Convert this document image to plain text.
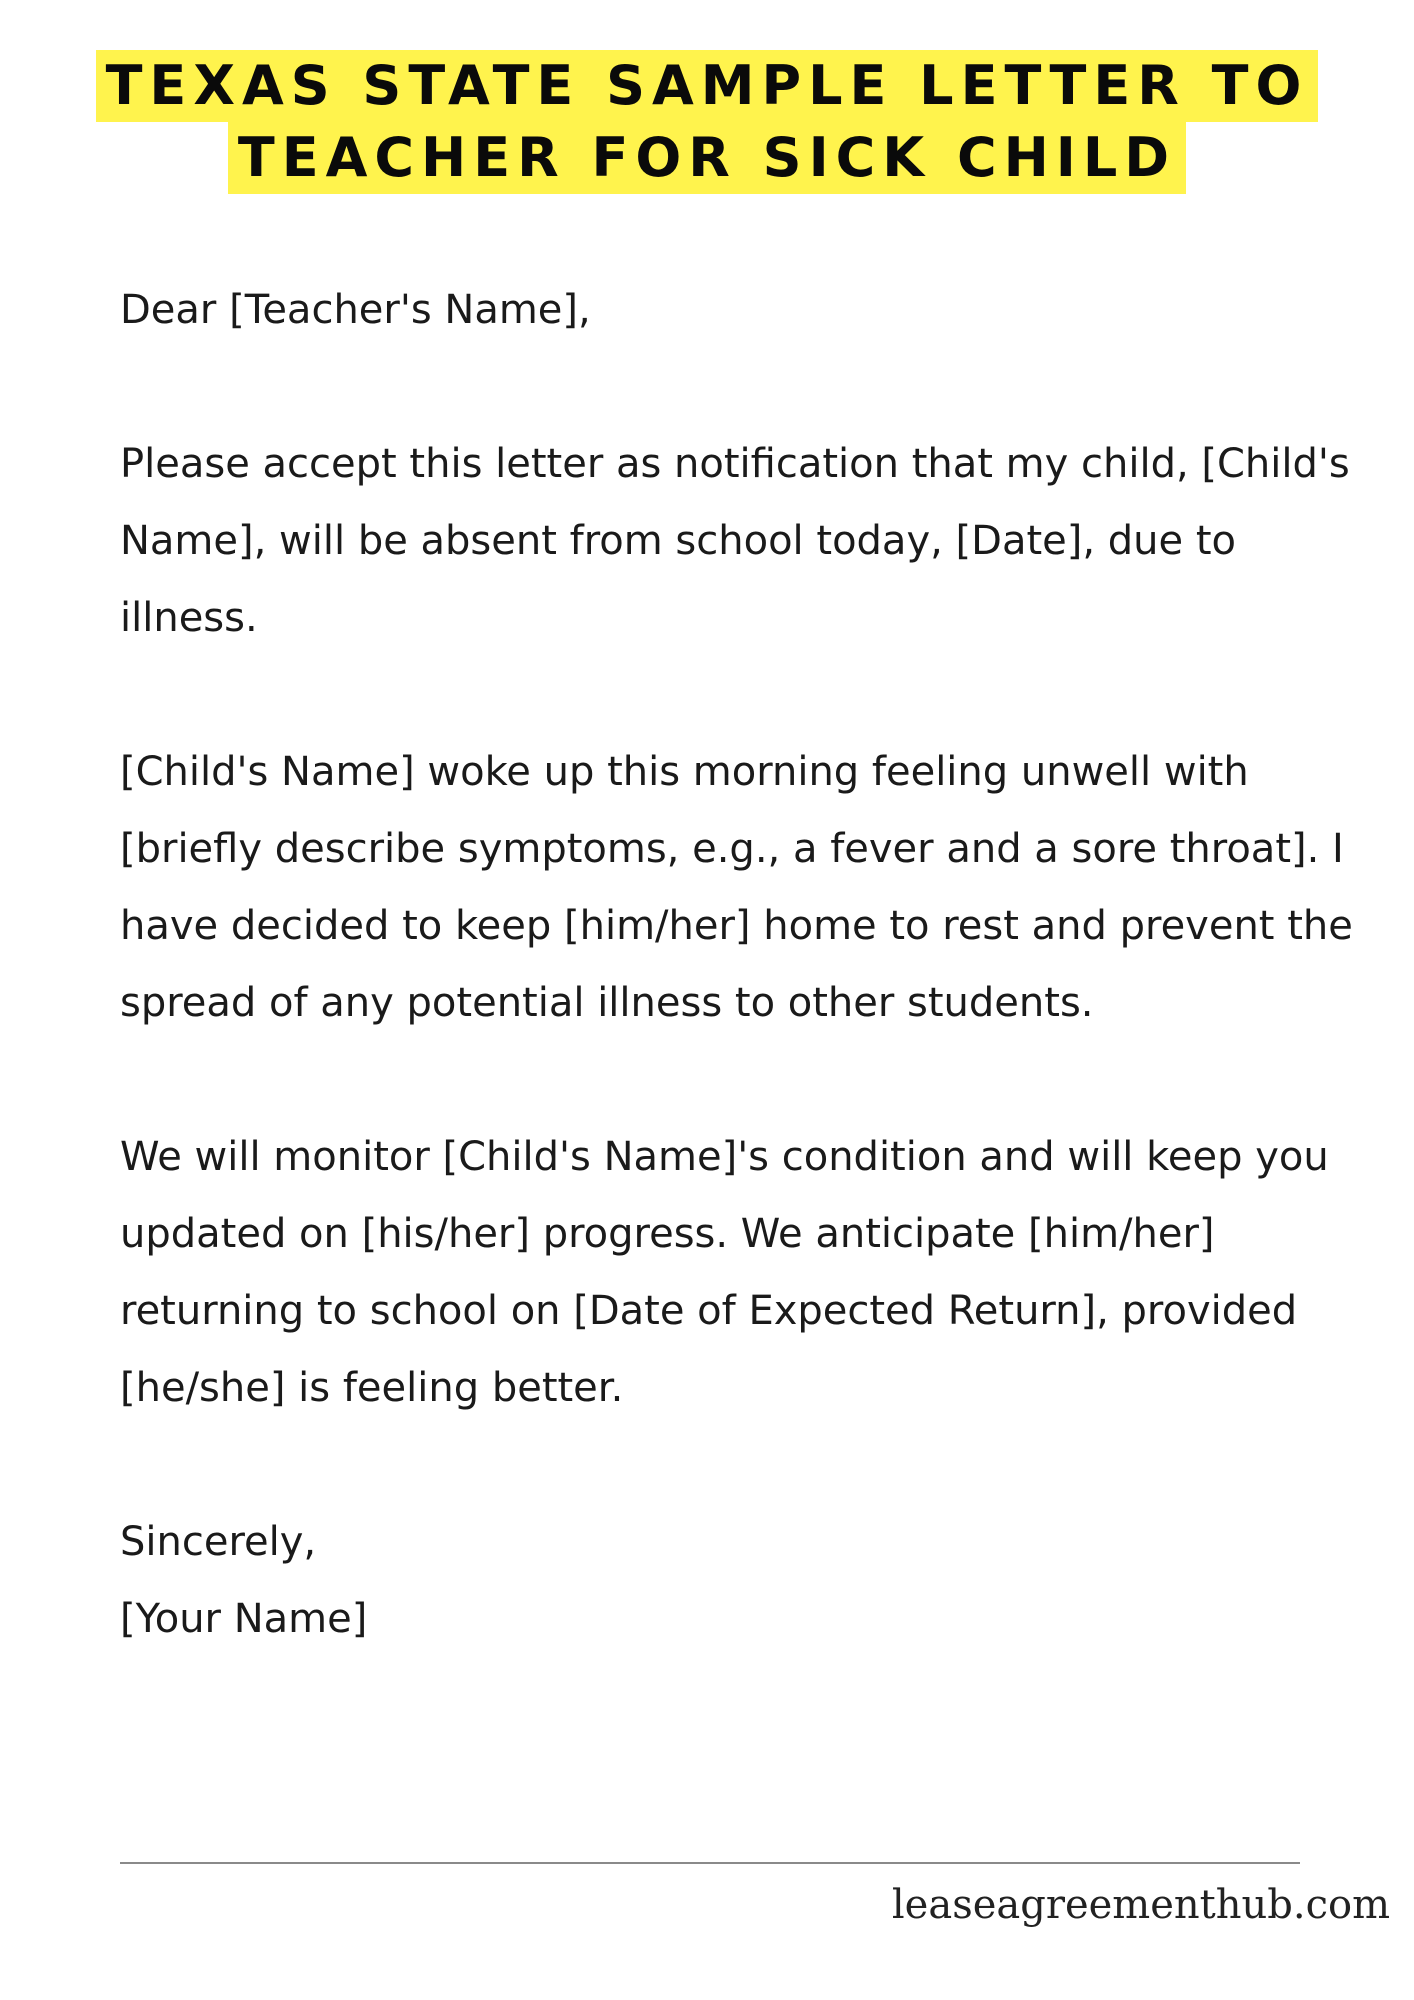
TEXAS STATE SAMPLE LETTER TO
TEACHER FOR SICK CHILD

Dear [Teacher's Name],

Please accept this letter as notification that my child, [Child's Name], will be absent from school today, [Date], due to illness.

[Child's Name] woke up this morning feeling unwell with [briefly describe symptoms, e.g., a fever and a sore throat]. I have decided to keep [him/her] home to rest and prevent the spread of any potential illness to other students.

We will monitor [Child's Name]'s condition and will keep you updated on [his/her] progress. We anticipate [him/her] returning to school on [Date of Expected Return], provided [he/she] is feeling better.

Sincerely,

[Your Name]

leaseagreementhub.com
